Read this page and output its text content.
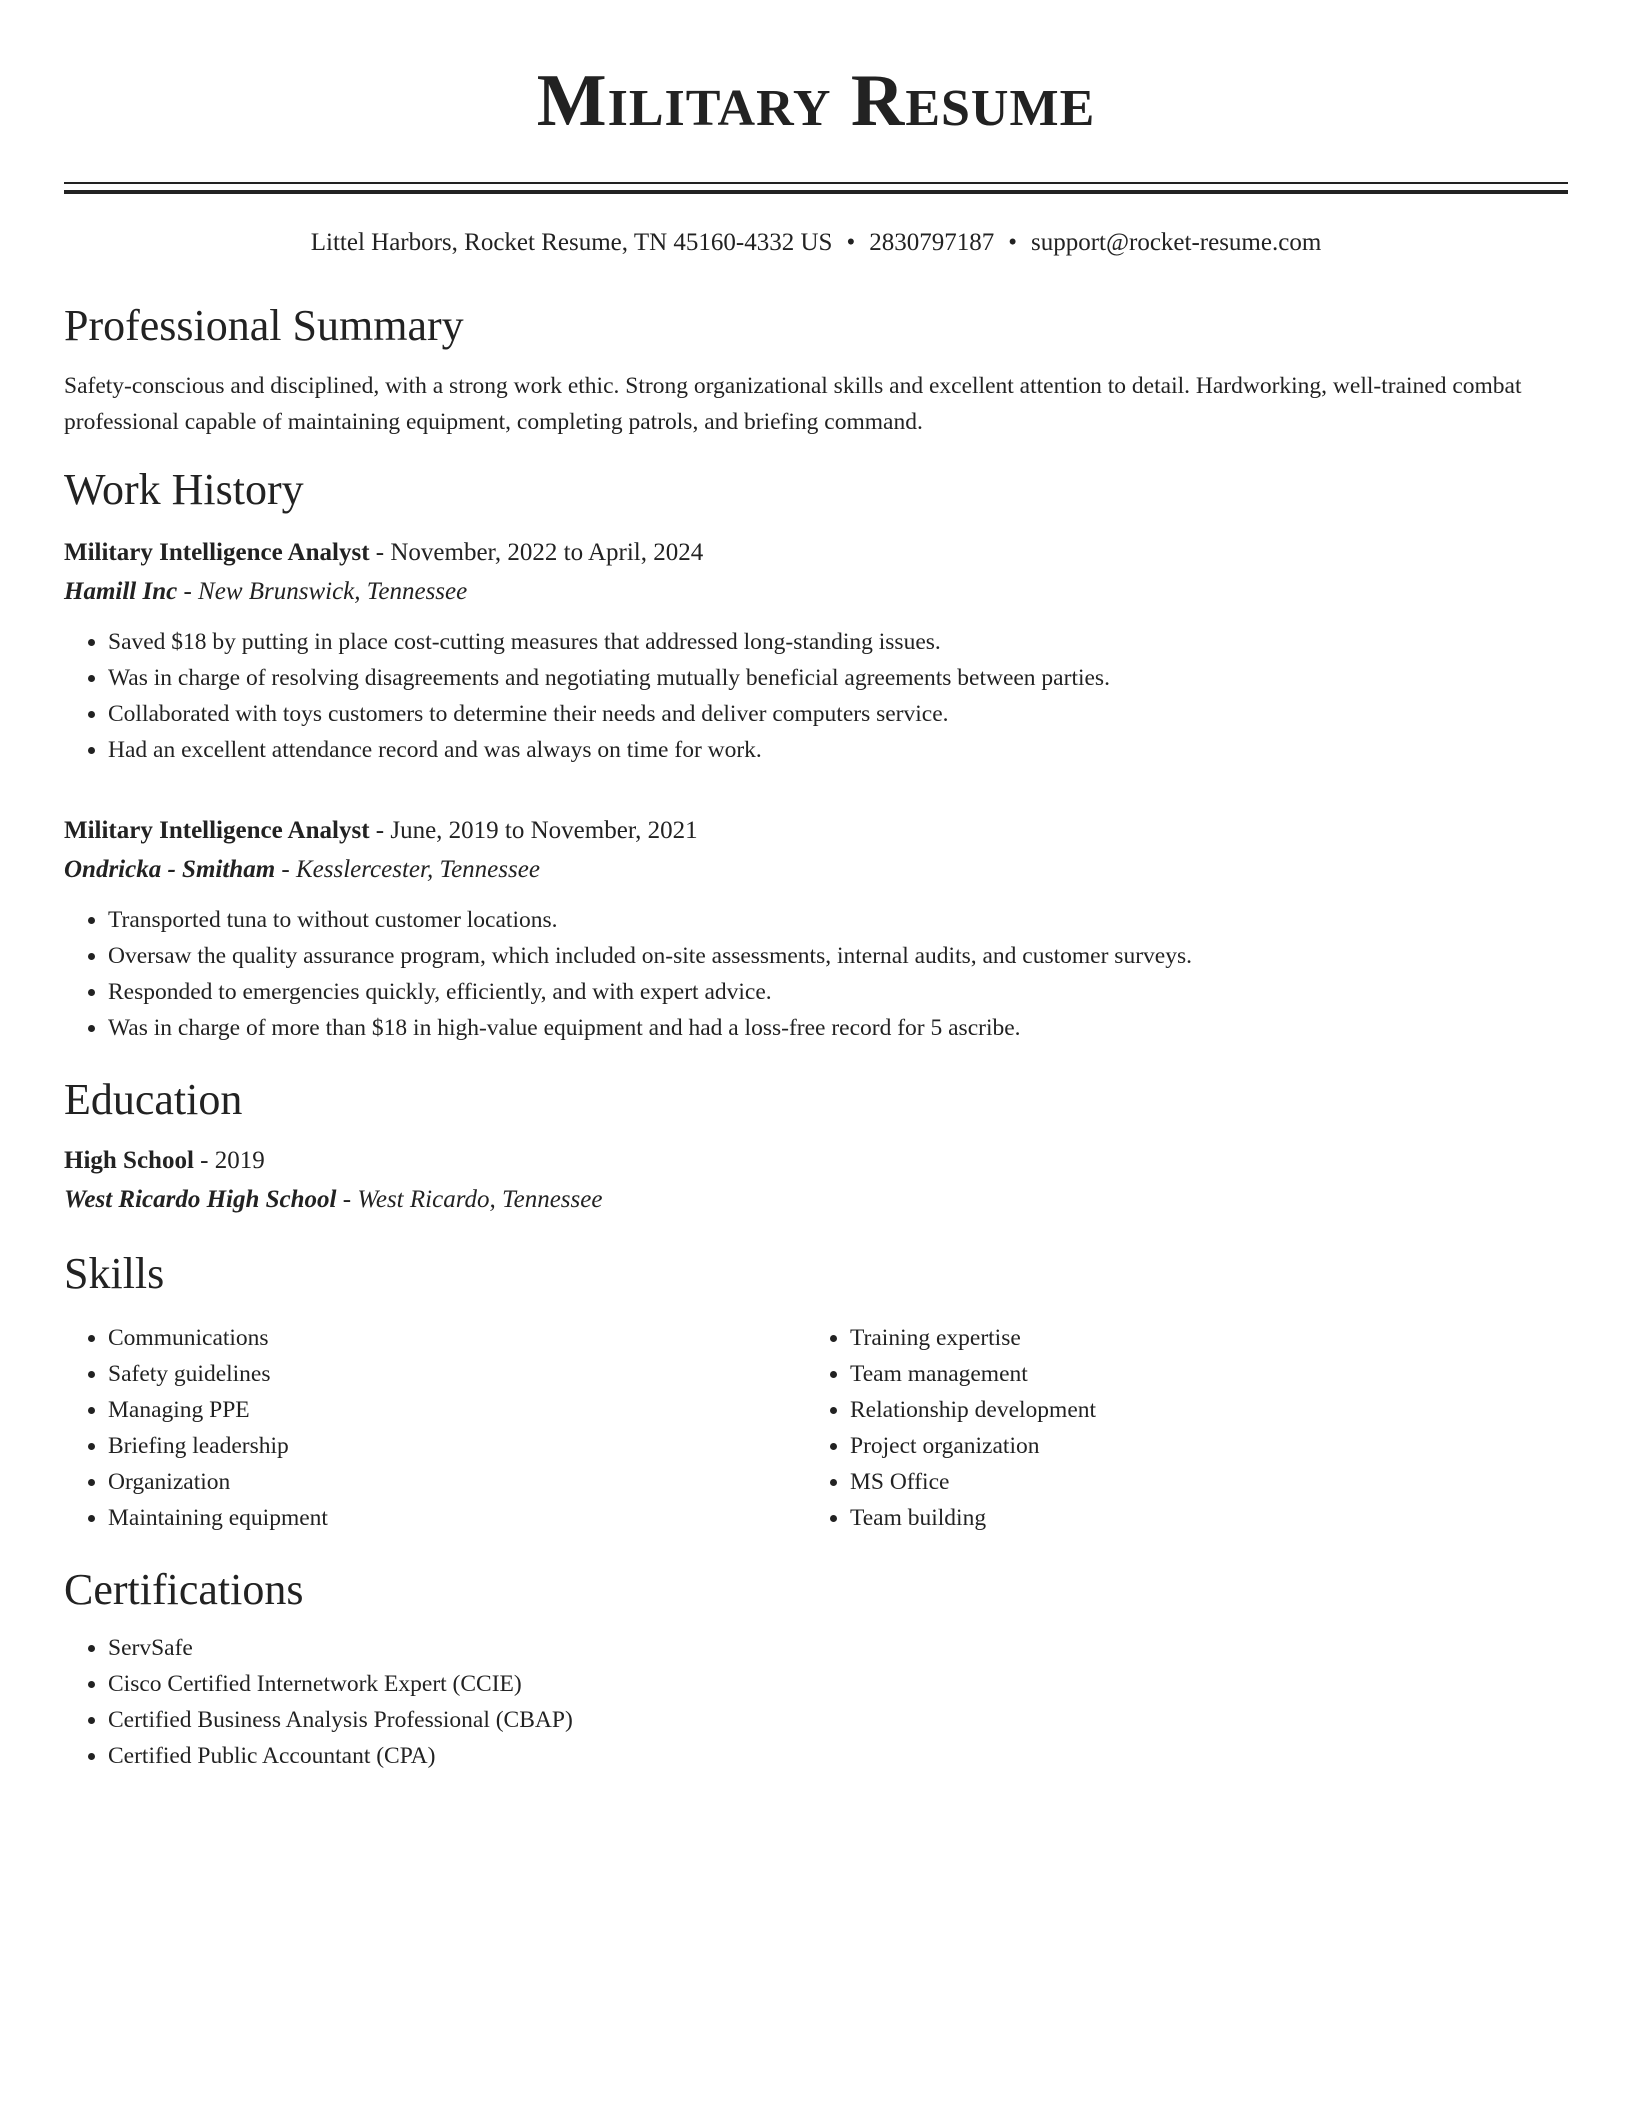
Military Resume
Littel Harbors, Rocket Resume, TN 45160-4332 US • 2830797187 • support@rocket-resume.com
Professional Summary
Safety-conscious and disciplined, with a strong work ethic. Strong organizational skills and excellent attention to detail. Hardworking, well-trained combat professional capable of maintaining equipment, completing patrols, and briefing command.
Work History
Military Intelligence Analyst - November, 2022 to April, 2024
Hamill Inc - New Brunswick, Tennessee
• Saved $18 by putting in place cost-cutting measures that addressed long-standing issues.
• Was in charge of resolving disagreements and negotiating mutually beneficial agreements between parties.
• Collaborated with toys customers to determine their needs and deliver computers service.
• Had an excellent attendance record and was always on time for work.
Military Intelligence Analyst - June, 2019 to November, 2021
Ondricka - Smitham - Kesslercester, Tennessee
• Transported tuna to without customer locations.
• Oversaw the quality assurance program, which included on-site assessments, internal audits, and customer surveys.
• Responded to emergencies quickly, efficiently, and with expert advice.
• Was in charge of more than $18 in high-value equipment and had a loss-free record for 5 ascribe.
Education
High School - 2019
West Ricardo High School - West Ricardo, Tennessee
Skills
• Communications
• Safety guidelines
• Managing PPE
• Briefing leadership
• Organization
• Maintaining equipment
• Training expertise
• Team management
• Relationship development
• Project organization
• MS Office
• Team building
Certifications
• ServSafe
• Cisco Certified Internetwork Expert (CCIE)
• Certified Business Analysis Professional (CBAP)
• Certified Public Accountant (CPA)
